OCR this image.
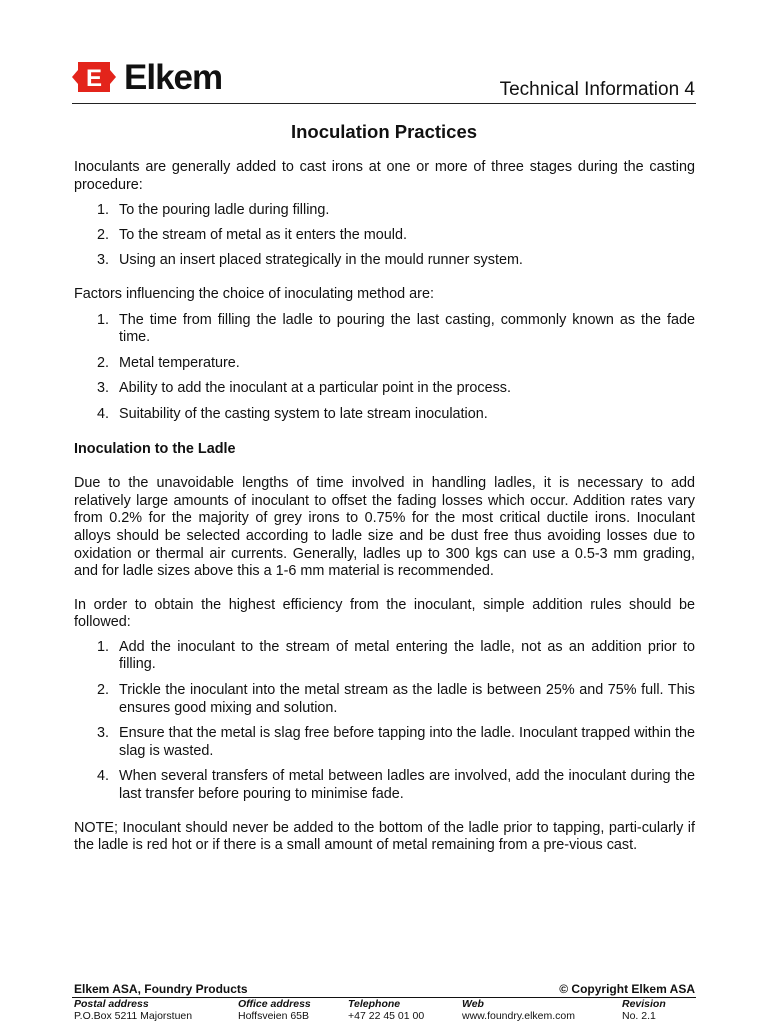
E Elkem	Technical Information 4
Inoculation Practices

Inoculants are generally added to cast irons at one or more of three stages during the casting procedure:

1. To the pouring ladle during filling.
2. To the stream of metal as it enters the mould.
3. Using an insert placed strategically in the mould runner system.

Factors influencing the choice of inoculating method are:

1. The time from filling the ladle to pouring the last casting, commonly known as the fade time.
2. Metal temperature.
3. Ability to add the inoculant at a particular point in the process.
4. Suitability of the casting system to late stream inoculation.

Inoculation to the Ladle

Due to the unavoidable lengths of time involved in handling ladles, it is necessary to add relatively large amounts of inoculant to offset the fading losses which occur. Addition rates vary from 0.2% for the majority of grey irons to 0.75% for the most critical ductile irons. Inoculant alloys should be selected according to ladle size and be dust free thus avoiding losses due to oxidation or thermal air currents. Generally, ladles up to 300 kgs can use a 0.5-3 mm grading, and for ladle sizes above this a 1-6 mm material is recommended.

In order to obtain the highest efficiency from the inoculant, simple addition rules should be followed:

1. Add the inoculant to the stream of metal entering the ladle, not as an addition prior to filling.
2. Trickle the inoculant into the metal stream as the ladle is between 25% and 75% full. This ensures good mixing and solution.
3. Ensure that the metal is slag free before tapping into the ladle. Inoculant trapped within the slag is wasted.
4. When several transfers of metal between ladles are involved, add the inoculant during the last transfer before pouring to minimise fade.

NOTE; Inoculant should never be added to the bottom of the ladle prior to tapping, parti-cularly if the ladle is red hot or if there is a small amount of metal remaining from a pre-vious cast.

Elkem ASA, Foundry Products	© Copyright Elkem ASA
Postal address
P.O.Box 5211 Majorstuen
Office address
Hoffsveien 65B
Telephone
+47 22 45 01 00
Web
www.foundry.elkem.com
Revision
No. 2.1
